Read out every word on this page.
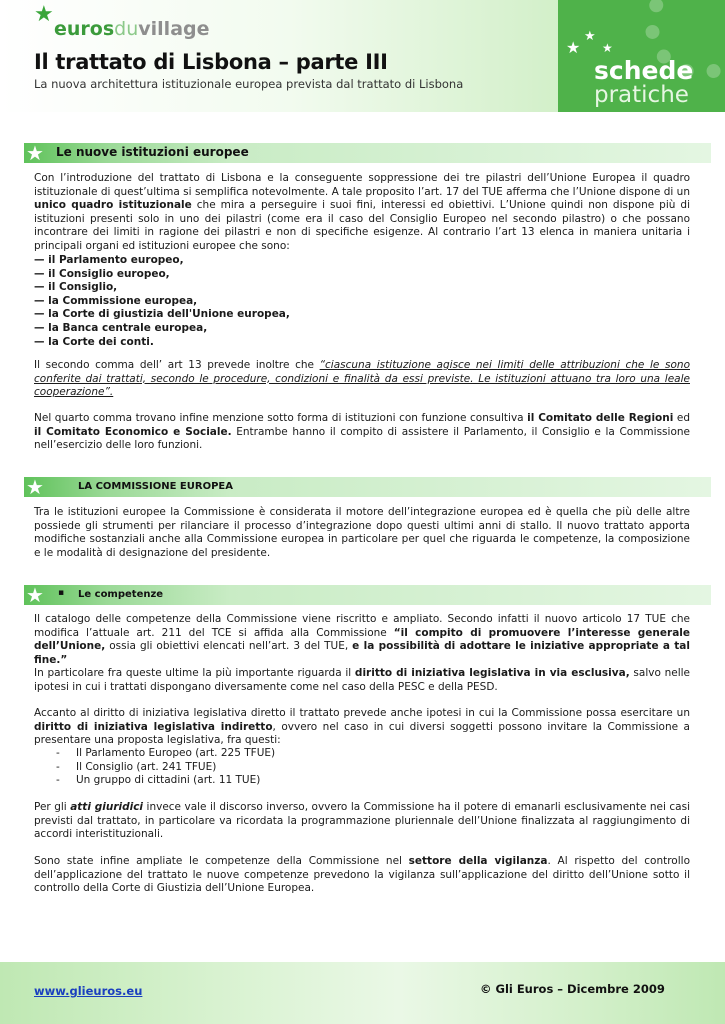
★
eurosduvillage
Il trattato di Lisbona – parte III
La nuova architettura istituzionale europea prevista dal trattato di Lisbona
★
★
★
schede
pratiche
★ Le nuove istituzioni europee
Con l’introduzione del trattato di Lisbona e la conseguente soppressione dei tre pilastri dell’Unione Europea il quadro istituzionale di quest’ultima si semplifica notevolmente. A tale proposito l’art. 17 del TUE afferma che l’Unione dispone di un unico quadro istituzionale che mira a perseguire i suoi fini, interessi ed obiettivi. L’Unione quindi non dispone più di istituzioni presenti solo in uno dei pilastri (come era il caso del Consiglio Europeo nel secondo pilastro) o che possano incontrare dei limiti in ragione dei pilastri e non di specifiche esigenze. Al contrario l’art 13 elenca in maniera unitaria i principali organi ed istituzioni europee che sono:
— il Parlamento europeo,
— il Consiglio europeo,
— il Consiglio,
— la Commissione europea,
— la Corte di giustizia dell'Unione europea,
— la Banca centrale europea,
— la Corte dei conti.
Il secondo comma dell’ art 13 prevede inoltre che “ciascuna istituzione agisce nei limiti delle attribuzioni che le sono conferite dai trattati, secondo le procedure, condizioni e finalità da essi previste. Le istituzioni attuano tra loro una leale cooperazione”.
Nel quarto comma trovano infine menzione sotto forma di istituzioni con funzione consultiva il Comitato delle Regioni ed il Comitato Economico e Sociale. Entrambe hanno il compito di assistere il Parlamento, il Consiglio e la Commissione nell’esercizio delle loro funzioni.
★	LA COMMISSIONE EUROPEA
Tra le istituzioni europee la Commissione è considerata il motore dell’integrazione europea ed è quella che più delle altre possiede gli strumenti per rilanciare il processo d’integrazione dopo questi ultimi anni di stallo. Il nuovo trattato apporta modifiche sostanziali anche alla Commissione europea in particolare per quel che riguarda le competenze, la composizione e le modalità di designazione del presidente.
★ ▪ Le competenze
Il catalogo delle competenze della Commissione viene riscritto e ampliato. Secondo infatti il nuovo articolo 17 TUE che modifica l’attuale art. 211 del TCE si affida alla Commissione “il compito di promuovere l’interesse generale dell’Unione, ossia gli obiettivi elencati nell’art. 3 del TUE, e la possibilità di adottare le iniziative appropriate a tal fine.”
In particolare fra queste ultime la più importante riguarda il diritto di iniziativa legislativa in via esclusiva, salvo nelle ipotesi in cui i trattati dispongano diversamente come nel caso della PESC e della PESD.
Accanto al diritto di iniziativa legislativa diretto il trattato prevede anche ipotesi in cui la Commissione possa esercitare un diritto di iniziativa legislativa indiretto, ovvero nel caso in cui diversi soggetti possono invitare la Commissione a presentare una proposta legislativa, fra questi:
- Il Parlamento Europeo (art. 225 TFUE)
- Il Consiglio (art. 241 TFUE)
- Un gruppo di cittadini (art. 11 TUE)
Per gli atti giuridici invece vale il discorso inverso, ovvero la Commissione ha il potere di emanarli esclusivamente nei casi previsti dal trattato, in particolare va ricordata la programmazione pluriennale dell’Unione finalizzata al raggiungimento di accordi interistituzionali.
Sono state infine ampliate le competenze della Commissione nel settore della vigilanza. Al rispetto del controllo dell’applicazione del trattato le nuove competenze prevedono la vigilanza sull’applicazione del diritto dell’Unione sotto il controllo della Corte di Giustizia dell’Unione Europea.
www.glieuros.eu	© Gli Euros – Dicembre 2009
